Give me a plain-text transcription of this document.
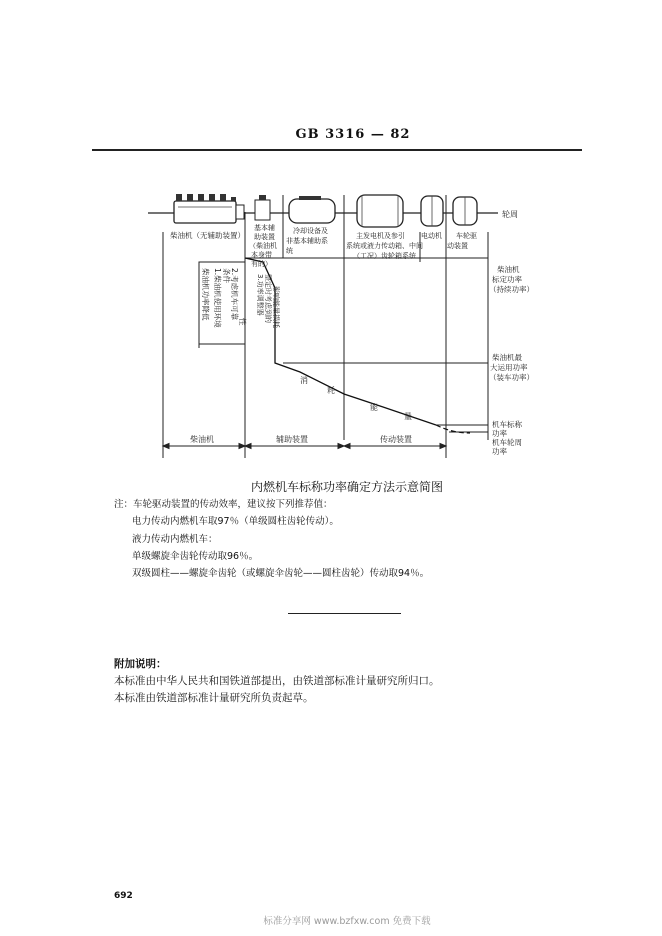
GB 3316 — 82
轮周
柴油机（无辅助装置）
基本辅 助装置 （柴油机 本身带 有的）
冷却设备及 非基本辅助系 统
主发电机及参引 系统或液力传动箱、中间 （工况）齿轮箱系统
电动机	车轮驱 动装置
柴油机功率降低 1.柴油机使用环境 条件 2.考虑机车可靠
性
3.功率调整器 整定时考虑到的 影响能量损耗
柴油机 标定功率 （持续功率）
柴油机最 大运用功率 （装车功率）
机车标称 功率
机车轮周 功率
消
耗
能
量
柴油机	辅助装置	传动装置
内燃机车标称功率确定方法示意简图
注：车轮驱动装置的传动效率，建议按下列推荐值：
电力传动内燃机车取97％（单级圆柱齿轮传动）。
液力传动内燃机车：
单级螺旋伞齿轮传动取96％。
双级圆柱——螺旋伞齿轮（或螺旋伞齿轮——圆柱齿轮）传动取94％。
附加说明：
本标准由中华人民共和国铁道部提出，由铁道部标准计量研究所归口。
本标准由铁道部标准计量研究所负责起草。
692
标准分享网 www.bzfxw.com 免费下载
